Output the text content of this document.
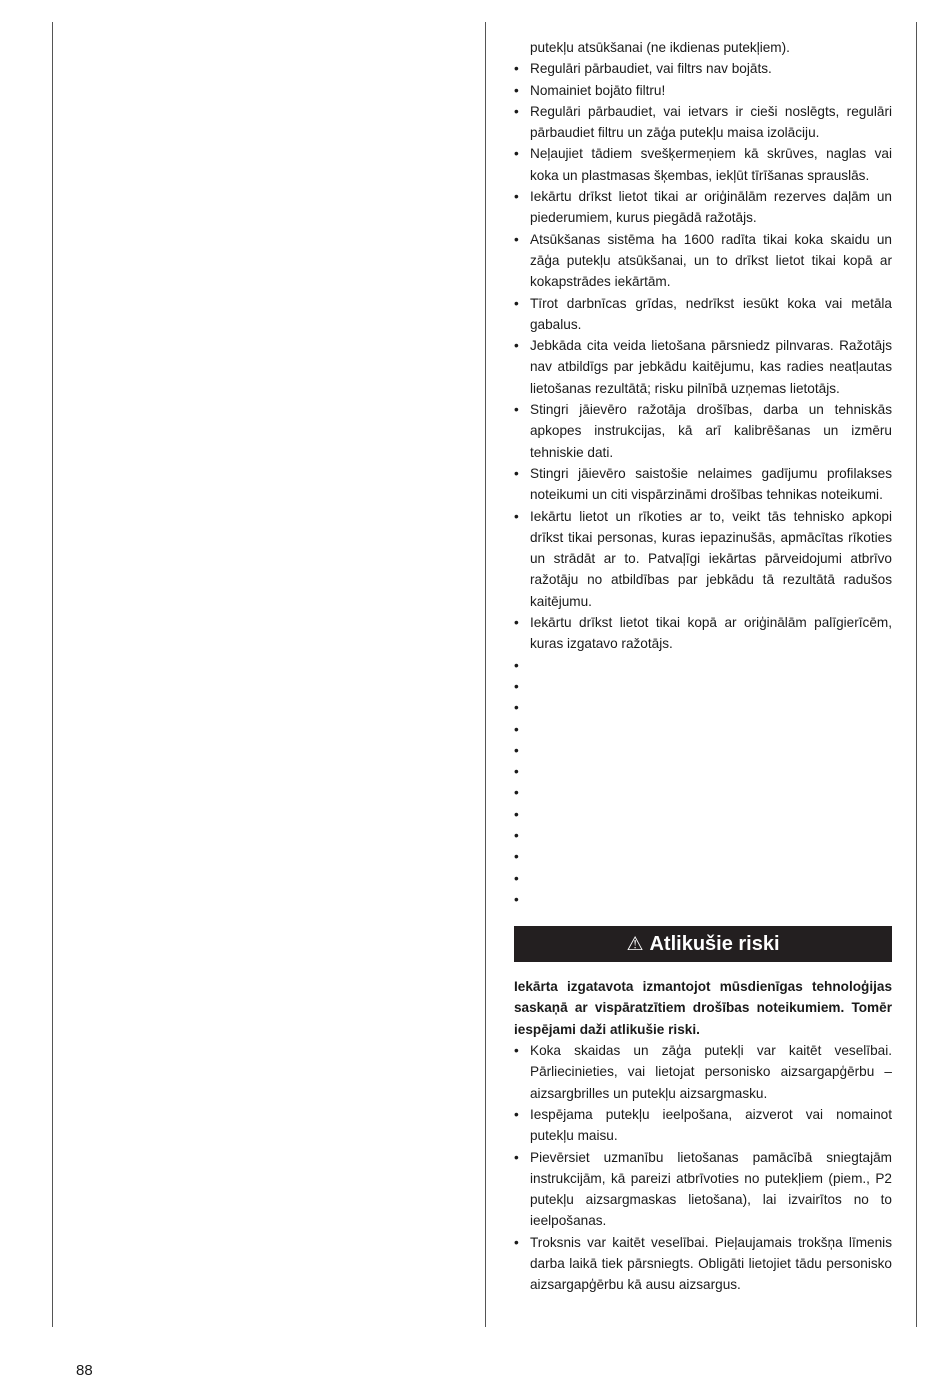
putekļu atsūkšanai (ne ikdienas putekļiem).
• Regulāri pārbaudiet, vai filtrs nav bojāts.
• Nomainiet bojāto filtru!
• Regulāri pārbaudiet, vai ietvars ir cieši noslēgts, regulāri pārbaudiet filtru un zāģa putekļu maisa izolāciju.
• Neļaujiet tādiem svešķermeņiem kā skrūves, naglas vai koka un plastmasas šķembas, iekļūt tīrīšanas sprauslās.
• Iekārtu drīkst lietot tikai ar oriģinālām rezerves daļām un piederumiem, kurus piegādā ražotājs.
• Atsūkšanas sistēma ha 1600 radīta tikai koka skaidu un zāģa putekļu atsūkšanai, un to drīkst lietot tikai kopā ar kokapstrādes iekārtām.
• Tīrot darbnīcas grīdas, nedrīkst iesūkt koka vai metāla gabalus.
• Jebkāda cita veida lietošana pārsniedz pilnvaras. Ražotājs nav atbildīgs par jebkādu kaitējumu, kas radies neatļautas lietošanas rezultātā; risku pilnībā uzņemas lietotājs.
• Stingri jāievēro ražotāja drošības, darba un tehniskās apkopes instrukcijas, kā arī kalibrēšanas un izmēru tehniskie dati.
• Stingri jāievēro saistošie nelaimes gadījumu profilakses noteikumi un citi vispārzināmi drošības tehnikas noteikumi.
• Iekārtu lietot un rīkoties ar to, veikt tās tehnisko apkopi drīkst tikai personas, kuras iepazinušās, apmācītas rīkoties un strādāt ar to. Patvaļīgi iekārtas pārveidojumi atbrīvo ražotāju no atbildības par jebkādu tā rezultātā radušos kaitējumu.
• Iekārtu drīkst lietot tikai kopā ar oriģinālām palīgierīcēm, kuras izgatavo ražotājs.
•
•
•
•
•
•
•
•
•
•
•
•
⚠ Atlikušie riski
Iekārta izgatavota izmantojot mūsdienīgas tehnoloģijas saskaņā ar vispāratzītiem drošības noteikumiem. Tomēr iespējami daži atlikušie riski.
• Koka skaidas un zāģa putekļi var kaitēt veselībai. Pārliecinieties, vai lietojat personisko aizsargapģērbu – aizsargbrilles un putekļu aizsargmasku.
• Iespējama putekļu ieelpošana, aizverot vai nomainot putekļu maisu.
• Pievērsiet uzmanību lietošanas pamācībā sniegtajām instrukcijām, kā pareizi atbrīvoties no putekļiem (piem., P2 putekļu aizsargmaskas lietošana), lai izvairītos no to ieelpošanas.
• Troksnis var kaitēt veselībai. Pieļaujamais trokšņa līmenis darba laikā tiek pārsniegts. Obligāti lietojiet tādu personisko aizsargapģērbu kā ausu aizsargus.
88
